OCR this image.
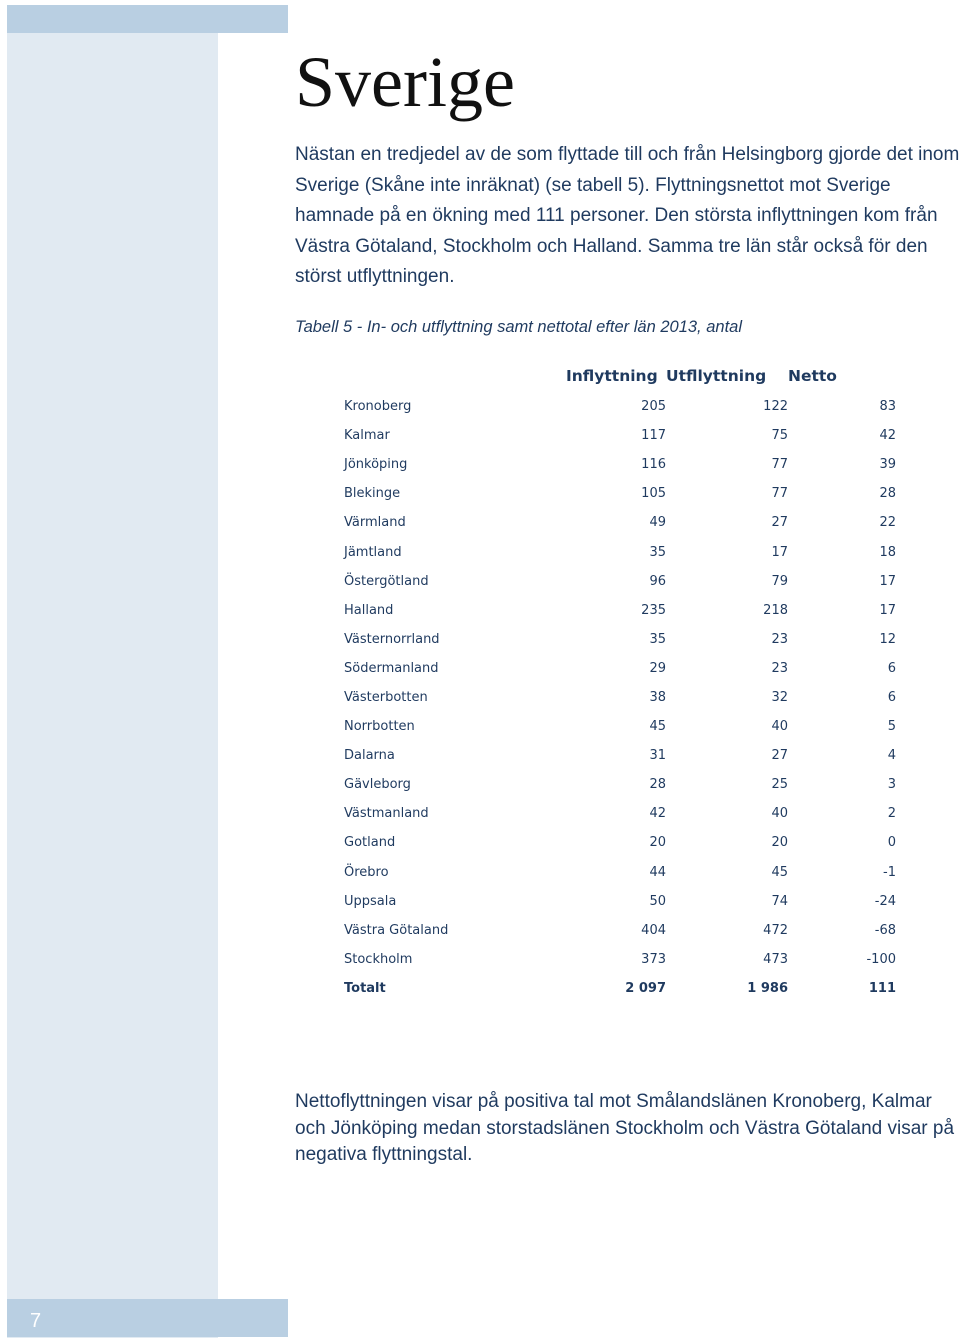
7
Sverige

Nästan en tredjedel av de som flyttade till och från Helsingborg gjorde det inom Sverige (Skåne inte inräknat) (se tabell 5). Flyttningsnettot mot Sverige hamnade på en ökning med 111 personer. Den största inflyttningen kom från Västra Götaland, Stockholm och Halland. Samma tre län står också för den störst utflyttningen.

Tabell 5 - In- och utflyttning samt nettotal efter län 2013, antal

	Inflyttning	Utfllyttning	Netto
Kronoberg	205	122	83
Kalmar	117	75	42
Jönköping	116	77	39
Blekinge	105	77	28
Värmland	49	27	22
Jämtland	35	17	18
Östergötland	96	79	17
Halland	235	218	17
Västernorrland	35	23	12
Södermanland	29	23	6
Västerbotten	38	32	6
Norrbotten	45	40	5
Dalarna	31	27	4
Gävleborg	28	25	3
Västmanland	42	40	2
Gotland	20	20	0
Örebro	44	45	-1
Uppsala	50	74	-24
Västra Götaland	404	472	-68
Stockholm	373	473	-100
Totalt	2 097	1 986	111

Nettoflyttningen visar på positiva tal mot Smålandslänen Kronoberg, Kalmar och Jönköping medan storstadslänen Stockholm och Västra Götaland visar på negativa flyttningstal.
